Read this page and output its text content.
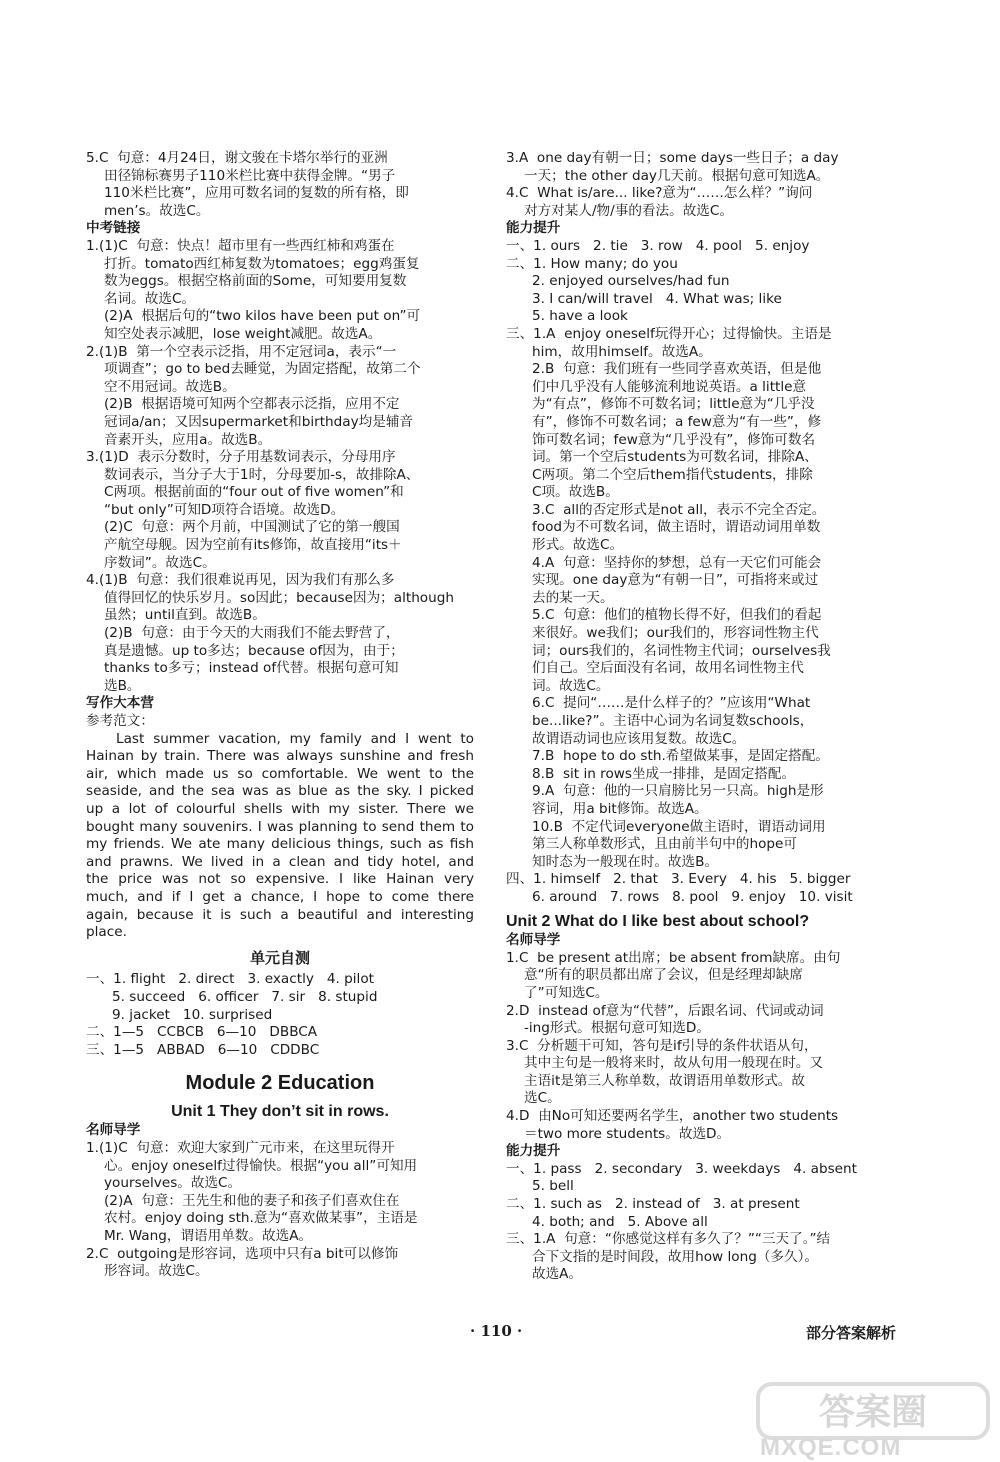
5.C  句意：4月24日，谢文骏在卡塔尔举行的亚洲
田径锦标赛男子110米栏比赛中获得金牌。“男子
110米栏比赛”，应用可数名词的复数的所有格，即
men’s。故选C。
中考链接
1.(1)C  句意：快点！超市里有一些西红柿和鸡蛋在
打折。tomato西红柿复数为tomatoes；egg鸡蛋复
数为eggs。根据空格前面的Some，可知要用复数
名词。故选C。
(2)A  根据后句的“two kilos have been put on”可
知空处表示减肥，lose weight减肥。故选A。
2.(1)B  第一个空表示泛指，用不定冠词a，表示“一
项调查”；go to bed去睡觉，为固定搭配，故第二个
空不用冠词。故选B。
(2)B  根据语境可知两个空都表示泛指，应用不定
冠词a/an；又因supermarket和birthday均是辅音
音素开头，应用a。故选B。
3.(1)D  表示分数时，分子用基数词表示，分母用序
数词表示，当分子大于1时，分母要加-s，故排除A、
C两项。根据前面的“four out of five women”和
“but only”可知D项符合语境。故选D。
(2)C  句意：两个月前，中国测试了它的第一艘国
产航空母舰。因为空前有its修饰，故直接用“its＋
序数词”。故选C。
4.(1)B  句意：我们很难说再见，因为我们有那么多
值得回忆的快乐岁月。so因此；because因为；although
虽然；until直到。故选B。
(2)B  句意：由于今天的大雨我们不能去野营了，
真是遗憾。up to多达；because of因为，由于；
thanks to多亏；instead of代替。根据句意可知
选B。
写作大本营
参考范文：
Last summer vacation, my family and I went to
Hainan by train. There was always sunshine and fresh
air, which made us so comfortable. We went to the
seaside, and the sea was as blue as the sky. I picked
up a lot of colourful shells with my sister. There we
bought many souvenirs. I was planning to send them to
my friends. We ate many delicious things, such as fish
and prawns. We lived in a clean and tidy hotel, and
the price was not so expensive. I like Hainan very
much, and if I get a chance, I hope to come there
again, because it is such a beautiful and interesting
place.
单元自测
一、1. flight   2. direct   3. exactly   4. pilot
5. succeed   6. officer   7. sir   8. stupid
9. jacket   10. surprised
二、1—5   CCBCB   6—10   DBBCA
三、1—5   ABBAD   6—10   CDDBC
Module 2 Education
Unit 1 They don’t sit in rows.
名师导学
1.(1)C  句意：欢迎大家到广元市来，在这里玩得开
心。enjoy oneself过得愉快。根据“you all”可知用
yourselves。故选C。
(2)A  句意：王先生和他的妻子和孩子们喜欢住在
农村。enjoy doing sth.意为“喜欢做某事”，主语是
Mr. Wang，谓语用单数。故选A。
2.C  outgoing是形容词，选项中只有a bit可以修饰
形容词。故选C。
3.A  one day有朝一日；some days一些日子；a day
一天；the other day几天前。根据句意可知选A。
4.C  What is/are... like?意为“……怎么样？”询问
对方对某人/物/事的看法。故选C。
能力提升
一、1. ours   2. tie   3. row   4. pool   5. enjoy
二、1. How many; do you
2. enjoyed ourselves/had fun
3. I can/will travel   4. What was; like
5. have a look
三、1.A  enjoy oneself玩得开心；过得愉快。主语是
him，故用himself。故选A。
2.B  句意：我们班有一些同学喜欢英语，但是他
们中几乎没有人能够流利地说英语。a little意
为“有点”，修饰不可数名词；little意为“几乎没
有”，修饰不可数名词；a few意为“有一些”，修
饰可数名词；few意为“几乎没有”，修饰可数名
词。第一个空后students为可数名词，排除A、
C两项。第二个空后them指代students，排除
C项。故选B。
3.C  all的否定形式是not all，表示不完全否定。
food为不可数名词，做主语时，谓语动词用单数
形式。故选C。
4.A  句意：坚持你的梦想，总有一天它们可能会
实现。one day意为“有朝一日”，可指将来或过
去的某一天。
5.C  句意：他们的植物长得不好，但我们的看起
来很好。we我们；our我们的，形容词性物主代
词；ours我们的，名词性物主代词；ourselves我
们自己。空后面没有名词，故用名词性物主代
词。故选C。
6.C  提问“……是什么样子的？”应该用“What
be...like?”。主语中心词为名词复数schools，
故谓语动词也应该用复数。故选C。
7.B  hope to do sth.希望做某事，是固定搭配。
8.B  sit in rows坐成一排排，是固定搭配。
9.A  句意：他的一只肩膀比另一只高。high是形
容词，用a bit修饰。故选A。
10.B  不定代词everyone做主语时，谓语动词用
第三人称单数形式，且由前半句中的hope可
知时态为一般现在时。故选B。
四、1. himself   2. that   3. Every   4. his   5. bigger
6. around   7. rows   8. pool   9. enjoy   10. visit
Unit 2 What do I like best about school?
名师导学
1.C  be present at出席；be absent from缺席。由句
意“所有的职员都出席了会议，但是经理却缺席
了”可知选C。
2.D  instead of意为“代替”，后跟名词、代词或动词
-ing形式。根据句意可知选D。
3.C  分析题干可知，答句是if引导的条件状语从句，
其中主句是一般将来时，故从句用一般现在时。又
主语it是第三人称单数，故谓语用单数形式。故
选C。
4.D  由No可知还要两名学生，another two students
＝two more students。故选D。
能力提升
一、1. pass   2. secondary   3. weekdays   4. absent
5. bell
二、1. such as   2. instead of   3. at present
4. both; and   5. Above all
三、1.A  句意：“你感觉这样有多久了？”“三天了。”结
合下文指的是时间段，故用how long（多久）。
故选A。
· 110 ·	部分答案解析
答案圈
MXQE.COM
